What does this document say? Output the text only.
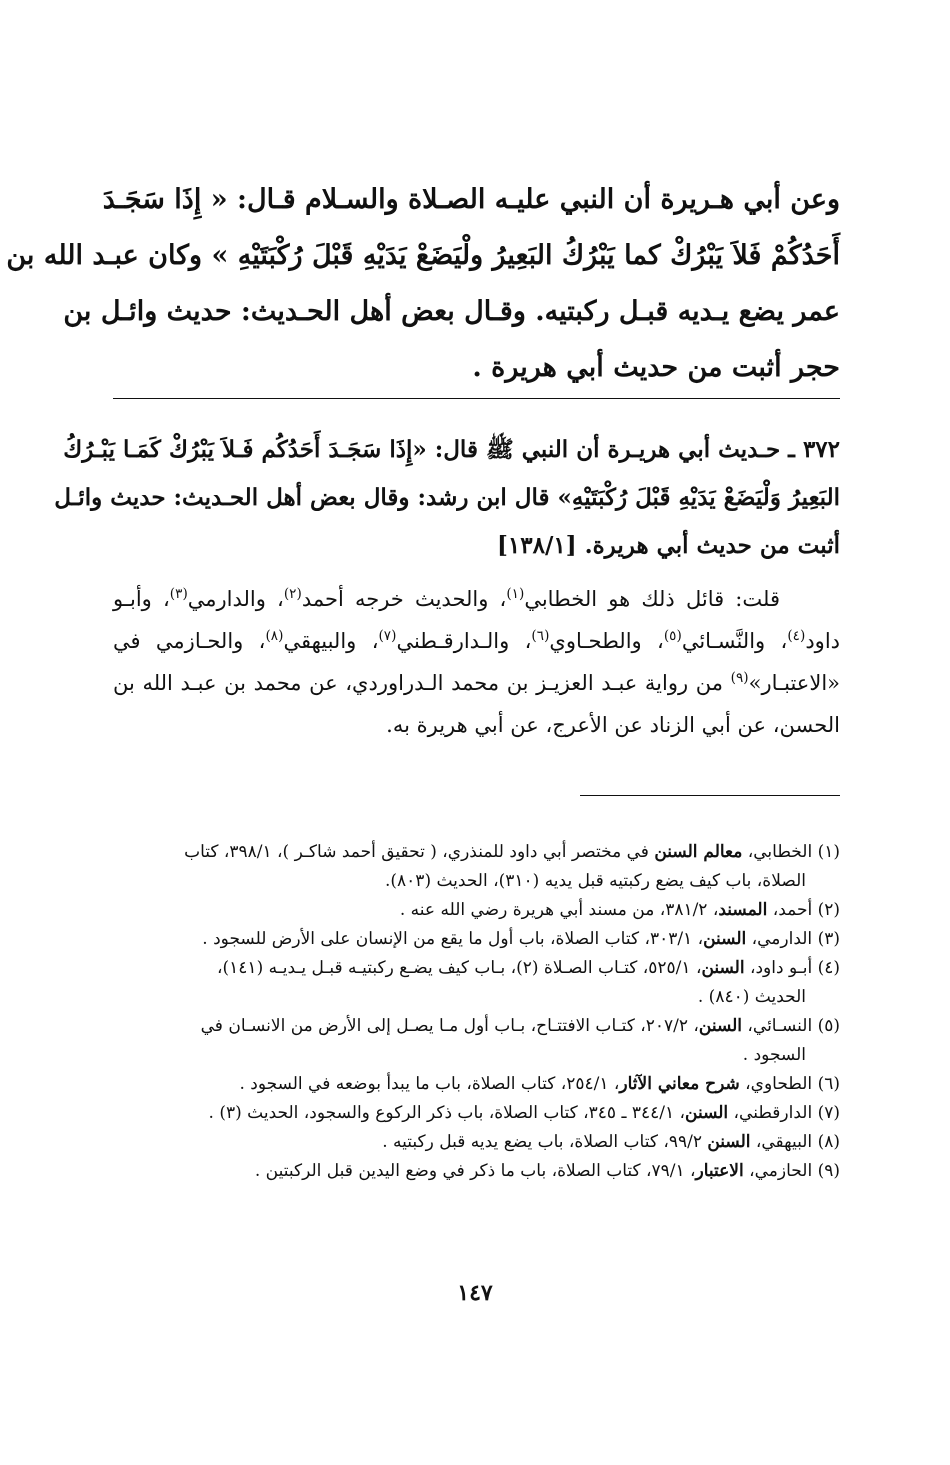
وعن أبي هـريرة أن النبي عليـه الصـلاة والسـلام قـال: « إِذَا سَجَـدَ
أَحَدُكُمْ فَلاَ يَبْرُكْ كما يَبْرُكُ البَعِيرُ ولْيَضَعْ يَدَيْهِ قَبْلَ رُكْبَتَيْهِ » وكان عبـد الله بن
عمر يضع يـديه قبـل ركبتيه. وقـال بعض أهل الحـديث: حديث وائـل بن
حجر أثبت من حديث أبي هريرة .
٣٧٢ ـ حـديث أبي هريـرة أن النبي ﷺ قال: «إِذَا سَجَـدَ أَحَدُكُم فَـلاَ يَبْرُكْ كَمَـا يَبْـرُكُ
البَعِيرُ وَلْيَضَعْ يَدَيْهِ قَبْلَ رُكْبَتَيْهِ» قال ابن رشد: وقال بعض أهل الحـديث: حديث وائـل
أثبت من حديث أبي هريرة. [١٣٨/١]
قلت: قائل ذلك هو الخطابي$^{(١)}$، والحديث خرجه أحمد$^{(٢)}$، والدارمي$^{(٣)}$، وأبـو
داود$^{(٤)}$، والنَّسـائي$^{(٥)}$، والطحـاوي$^{(٦)}$، والـدارقـطني$^{(٧)}$، والبيهقي$^{(٨)}$، والحـازمي في
«الاعتبـار»$^{(٩)}$ من رواية عبـد العزيـز بن محمد الـدراوردي، عن محمد بن عبـد الله بن
الحسن، عن أبي الزناد عن الأعرج، عن أبي هريرة به.
(١) الخطابي، معالم السنن في مختصر أبي داود للمنذري، ( تحقيق أحمد شاكـر )، ٣٩٨/١، كتاب
الصلاة، باب كيف يضع ركبتيه قبل يديه (٣١٠)، الحديث (٨٠٣).
(٢) أحمد، المسند، ٣٨١/٢، من مسند أبي هريرة رضي الله عنه .
(٣) الدارمي، السنن، ٣٠٣/١، كتاب الصلاة، باب أول ما يقع من الإنسان على الأرض للسجود .
(٤) أبـو داود، السنن، ٥٢٥/١، كتـاب الصـلاة (٢)، بـاب كيف يضـع ركبتيـه قبـل يـديـه (١٤١)،
الحديث (٨٤٠) .
(٥) النسـائي، السنن، ٢٠٧/٢، كتـاب الافتتـاح، بـاب أول مـا يصـل إلى الأرض من الانسـان في
السجود .
(٦) الطحاوي، شرح معاني الآثار، ٢٥٤/١، كتاب الصلاة، باب ما يبدأ بوضعه في السجود .
(٧) الدارقطني، السنن، ٣٤٤/١ ـ ٣٤٥، كتاب الصلاة، باب ذكر الركوع والسجود، الحديث (٣) .
(٨) البيهقي، السنن ٩٩/٢، كتاب الصلاة، باب يضع يديه قبل ركبتيه .
(٩) الحازمي، الاعتبار، ٧٩/١، كتاب الصلاة، باب ما ذكر في وضع اليدين قبل الركبتين .
١٤٧
